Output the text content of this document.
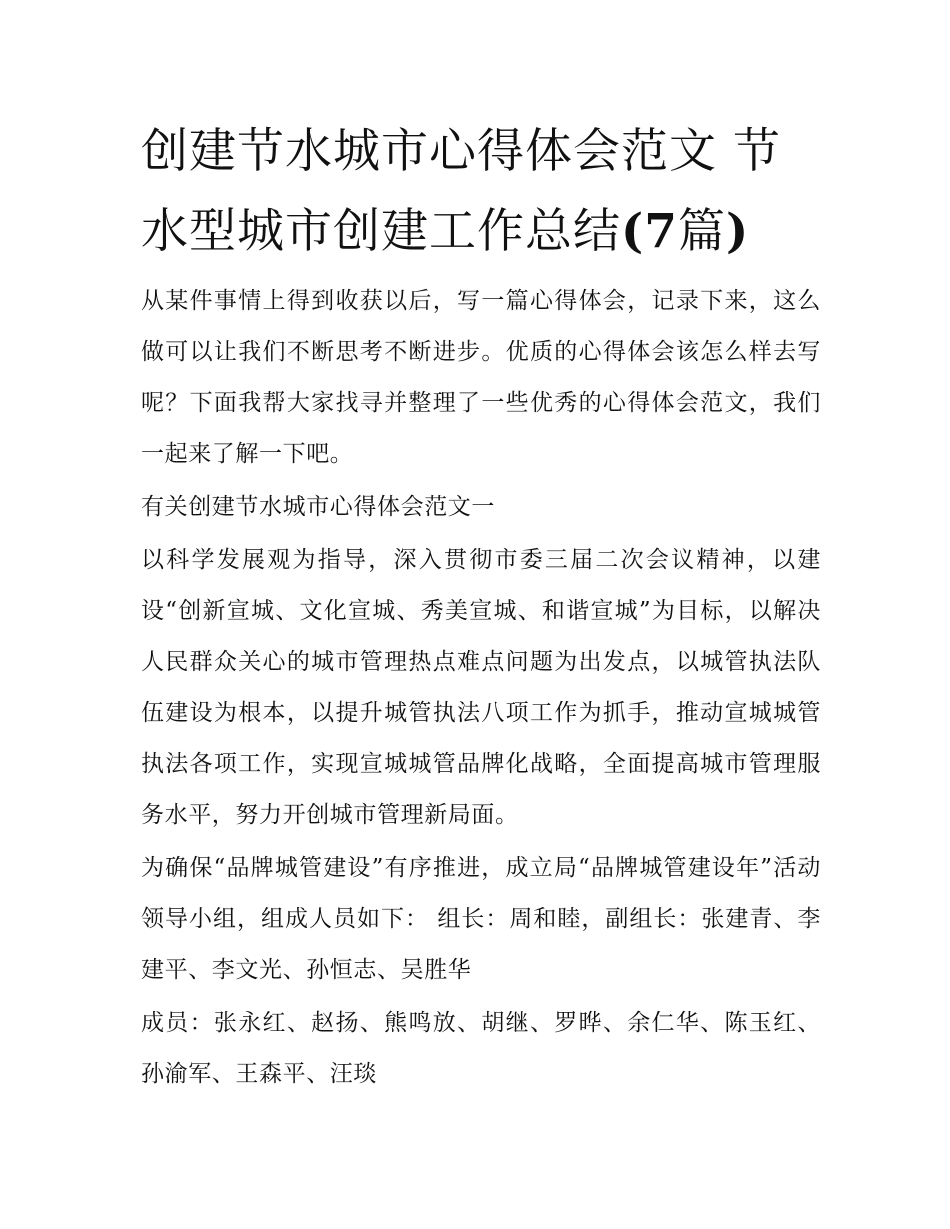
创建节水城市心得体会范文 节水型城市创建工作总结(7篇)

从某件事情上得到收获以后，写一篇心得体会，记录下来，这么做可以让我们不断思考不断进步。优质的心得体会该怎么样去写呢？下面我帮大家找寻并整理了一些优秀的心得体会范文，我们一起来了解一下吧。

有关创建节水城市心得体会范文一

以科学发展观为指导，深入贯彻市委三届二次会议精神，以建设“创新宣城、文化宣城、秀美宣城、和谐宣城”为目标，以解决人民群众关心的城市管理热点难点问题为出发点，以城管执法队伍建设为根本，以提升城管执法八项工作为抓手，推动宣城城管执法各项工作，实现宣城城管品牌化战略，全面提高城市管理服务水平，努力开创城市管理新局面。

为确保“品牌城管建设”有序推进，成立局“品牌城管建设年”活动领导小组，组成人员如下： 组长：周和睦，副组长：张建青、李建平、李文光、孙恒志、吴胜华

成员：张永红、赵扬、熊鸣放、胡继、罗晔、余仁华、陈玉红、孙渝军、王森平、汪琰
